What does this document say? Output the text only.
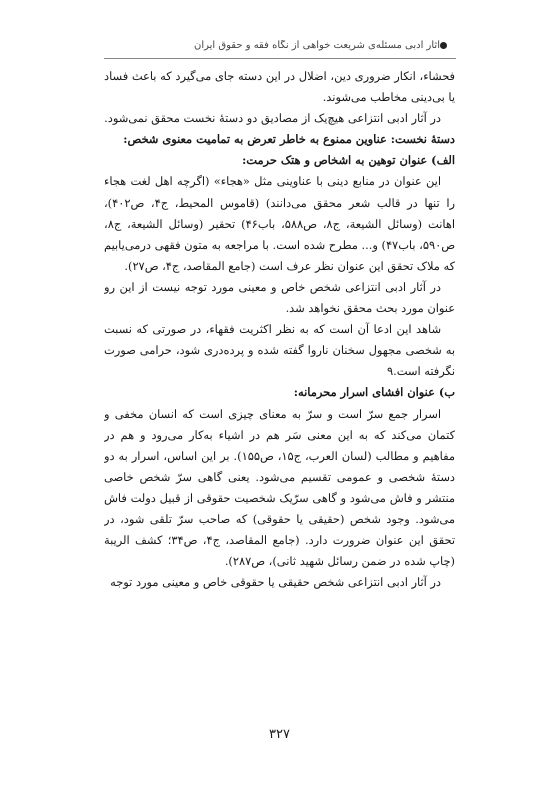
آثار ادبی مسئله‌ی شریعت خواهی از نگاه فقه و حقوق ایران

فحشاء، انکار ضروری دین، اضلال در این دسته جای می‌گیرد که باعث فساد یا بی‌دینی مخاطب می‌شوند.

در آثار ادبی انتزاعی هیچ‌یک از مصادیق دو دستهٔ نخست محقق نمی‌شود.

دستهٔ نخست: عناوین ممنوع به خاطر تعرض به تمامیت معنوی شخص:

الف) عنوان توهین به اشخاص و هتک حرمت:

این عنوان در منابع دینی با عناوینی مثل «هجاء» (اگرچه اهل لغت هجاء را تنها در قالب شعر محقق می‌دانند) (قاموس المحیط، ج۴، ص۴۰۲)، اهانت (وسائل الشیعة، ج۸، ص۵۸۸، باب۴۶) تحقیر (وسائل الشیعة، ج۸، ص۵۹۰، باب۴۷) و... مطرح شده است. با مراجعه به متون فقهی درمی‌یابیم که ملاک تحقق این عنوان نظر عرف است (جامع المقاصد، ج۴، ص۲۷).

در آثار ادبی انتزاعی شخص خاص و معینی مورد توجه نیست از این رو عنوان مورد بحث محقق نخواهد شد.

شاهد این ادعا آن است که به نظر اکثریت فقهاء، در صورتی که نسبت به شخصی مجهول سخنان ناروا گفته شده و پرده‌دری شود، حرامی صورت نگرفته است.۹

ب) عنوان افشای اسرار محرمانه:

اسرار جمع سرّ است و سرّ به معنای چیزی است که انسان مخفی و کتمان می‌کند که به این معنی سَر هم در اشیاء به‌کار می‌رود و هم در مفاهیم و مطالب (لسان العرب، ج۱۵، ص۱۵۵). بر این اساس، اسرار به دو دستهٔ شخصی و عمومی تقسیم می‌شود. یعنی گاهی سرّ شخص خاصی منتشر و فاش می‌شود و گاهی سرّیک شخصیت حقوقی از قبیل دولت فاش می‌شود. وجود شخص (حقیقی یا حقوقی) که صاحب سرّ تلقی شود، در تحقق این عنوان ضرورت دارد. (جامع المقاصد، ج۴، ص۳۴؛ کشف الریبة (چاپ شده در ضمن رسائل شهید ثانی)، ص۲۸۷).

در آثار ادبی انتزاعی شخص حقیقی یا حقوقی خاص و معینی مورد توجه

۳۲۷
